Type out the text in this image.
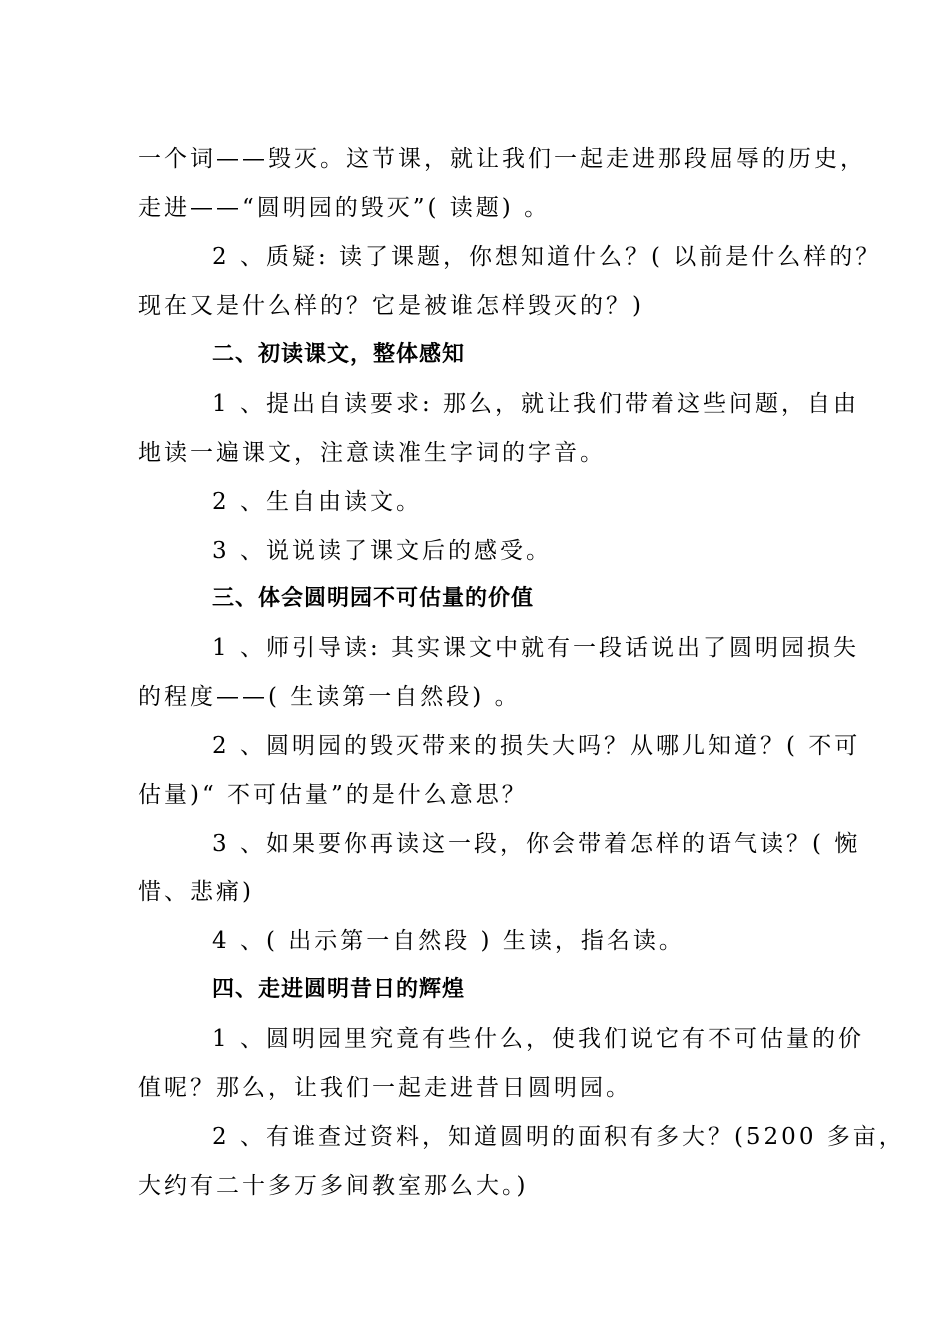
一个词——毁灭。这节课，就让我们一起走进那段屈辱的历史，
走进——“圆明园的毁灭”( 读题) 。
2 、质疑: 读了课题，你想知道什么？( 以前是什么样的？
现在又是什么样的？它是被谁怎样毁灭的？)
二、初读课文，整体感知
1 、提出自读要求: 那么，就让我们带着这些问题，自由
地读一遍课文，注意读准生字词的字音。
2 、生自由读文。
3 、说说读了课文后的感受。
三、体会圆明园不可估量的价值
1 、师引导读: 其实课文中就有一段话说出了圆明园损失
的程度——( 生读第一自然段) 。
2 、圆明园的毁灭带来的损失大吗？从哪儿知道？( 不可
估量)“ 不可估量”的是什么意思？
3 、如果要你再读这一段，你会带着怎样的语气读？( 惋
惜、悲痛)
4 、( 出示第一自然段 ) 生读，指名读。
四、走进圆明昔日的辉煌
1 、圆明园里究竟有些什么，使我们说它有不可估量的价
值呢？那么，让我们一起走进昔日圆明园。
2 、有谁查过资料，知道圆明的面积有多大？(5200 多亩，
大约有二十多万多间教室那么大。)
